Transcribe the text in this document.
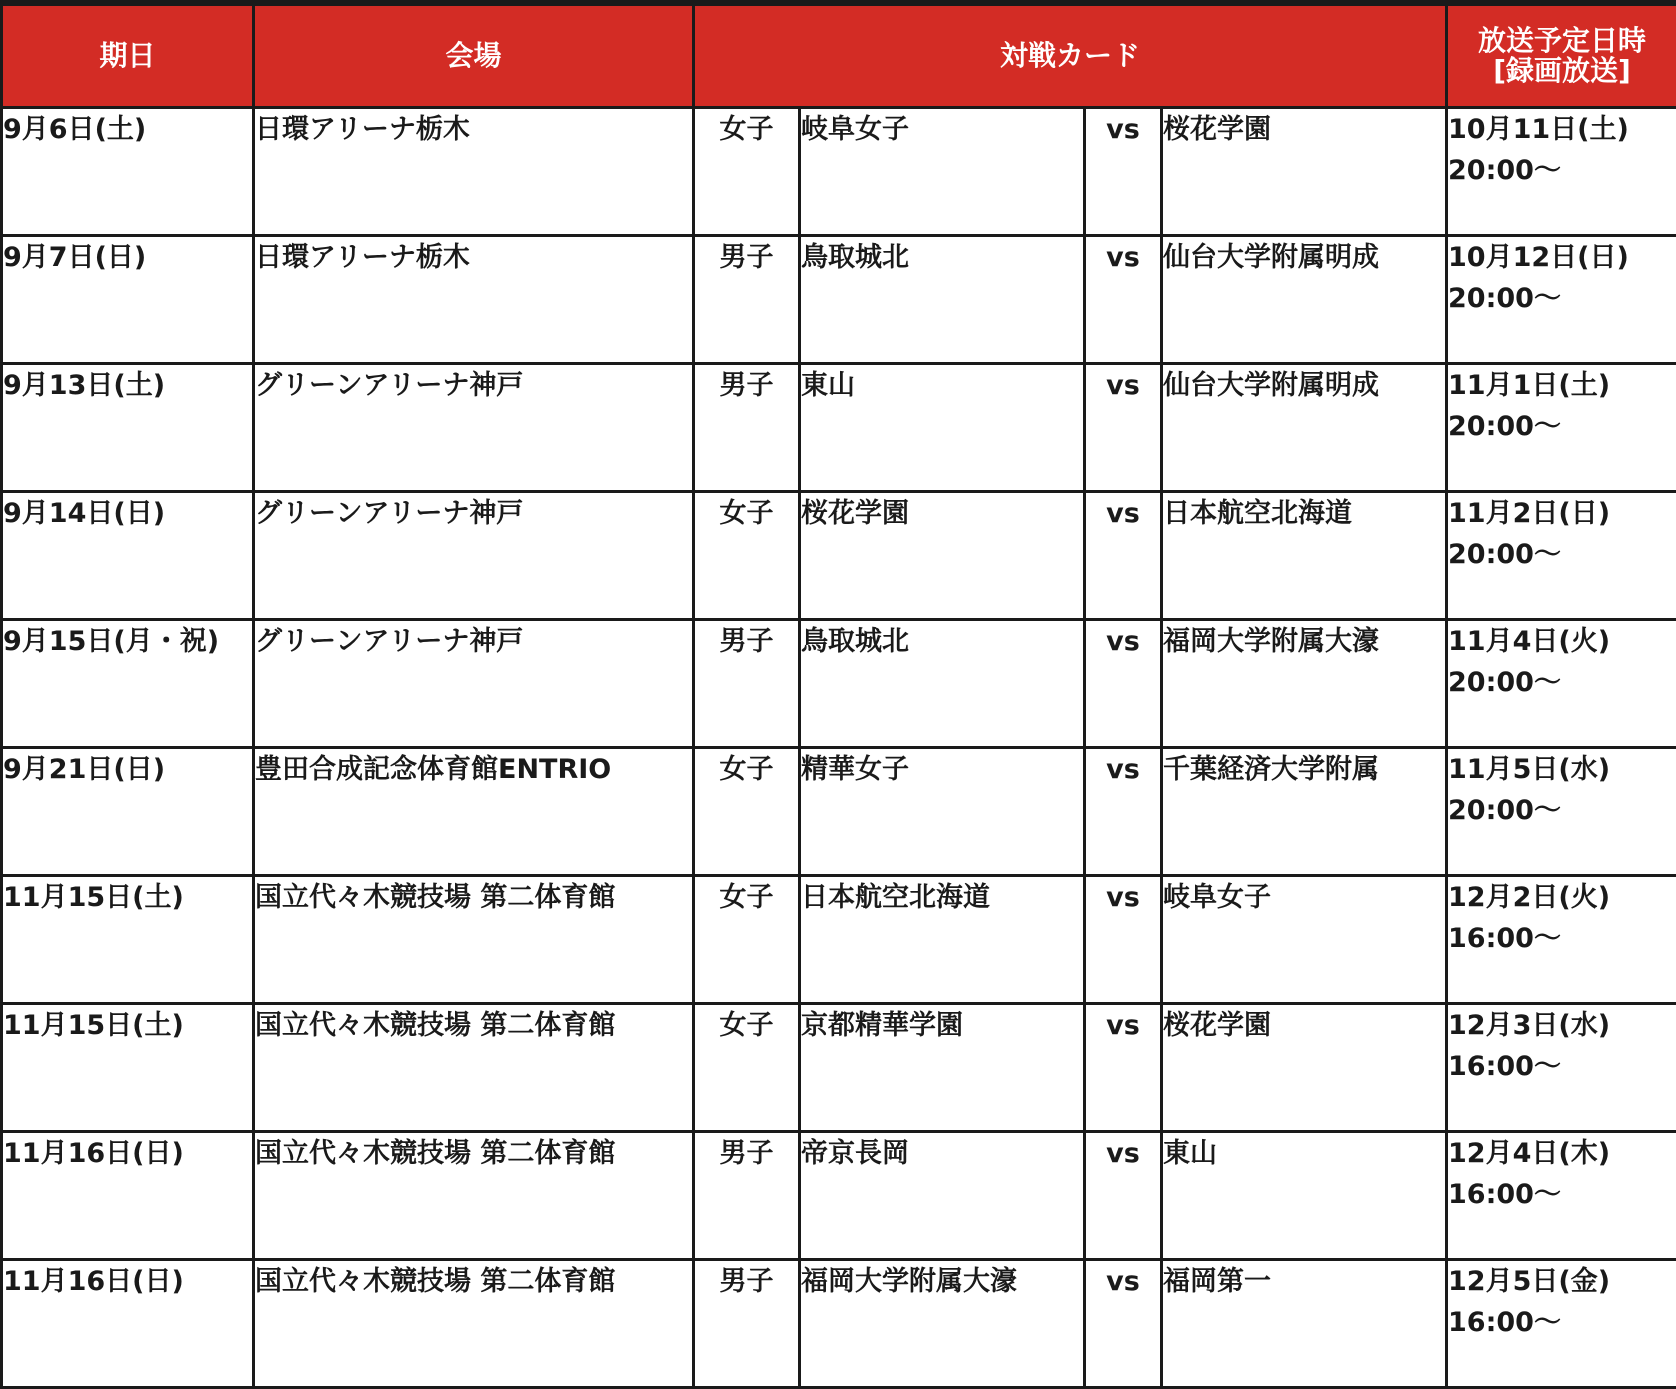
期日	会場	対戦カード				放送予定日時
[録画放送]

9月6日(土)	日環アリーナ栃木	女子	岐阜女子	vs	桜花学園	10月11日(土)
20:00〜

9月7日(日)	日環アリーナ栃木	男子	鳥取城北	vs	仙台大学附属明成	10月12日(日)
20:00〜

9月13日(土)	グリーンアリーナ神戸	男子	東山	vs	仙台大学附属明成	11月1日(土)
20:00〜

9月14日(日)	グリーンアリーナ神戸	女子	桜花学園	vs	日本航空北海道	11月2日(日)
20:00〜

9月15日(月・祝)	グリーンアリーナ神戸	男子	鳥取城北	vs	福岡大学附属大濠	11月4日(火)
20:00〜

9月21日(日)	豊田合成記念体育館ENTRIO	女子	精華女子	vs	千葉経済大学附属	11月5日(水)
20:00〜

11月15日(土)	国立代々木競技場 第二体育館	女子	日本航空北海道	vs	岐阜女子	12月2日(火)
16:00〜

11月15日(土)	国立代々木競技場 第二体育館	女子	京都精華学園	vs	桜花学園	12月3日(水)
16:00〜

11月16日(日)	国立代々木競技場 第二体育館	男子	帝京長岡	vs	東山	12月4日(木)
16:00〜

11月16日(日)	国立代々木競技場 第二体育館	男子	福岡大学附属大濠	vs	福岡第一	12月5日(金)
16:00〜
